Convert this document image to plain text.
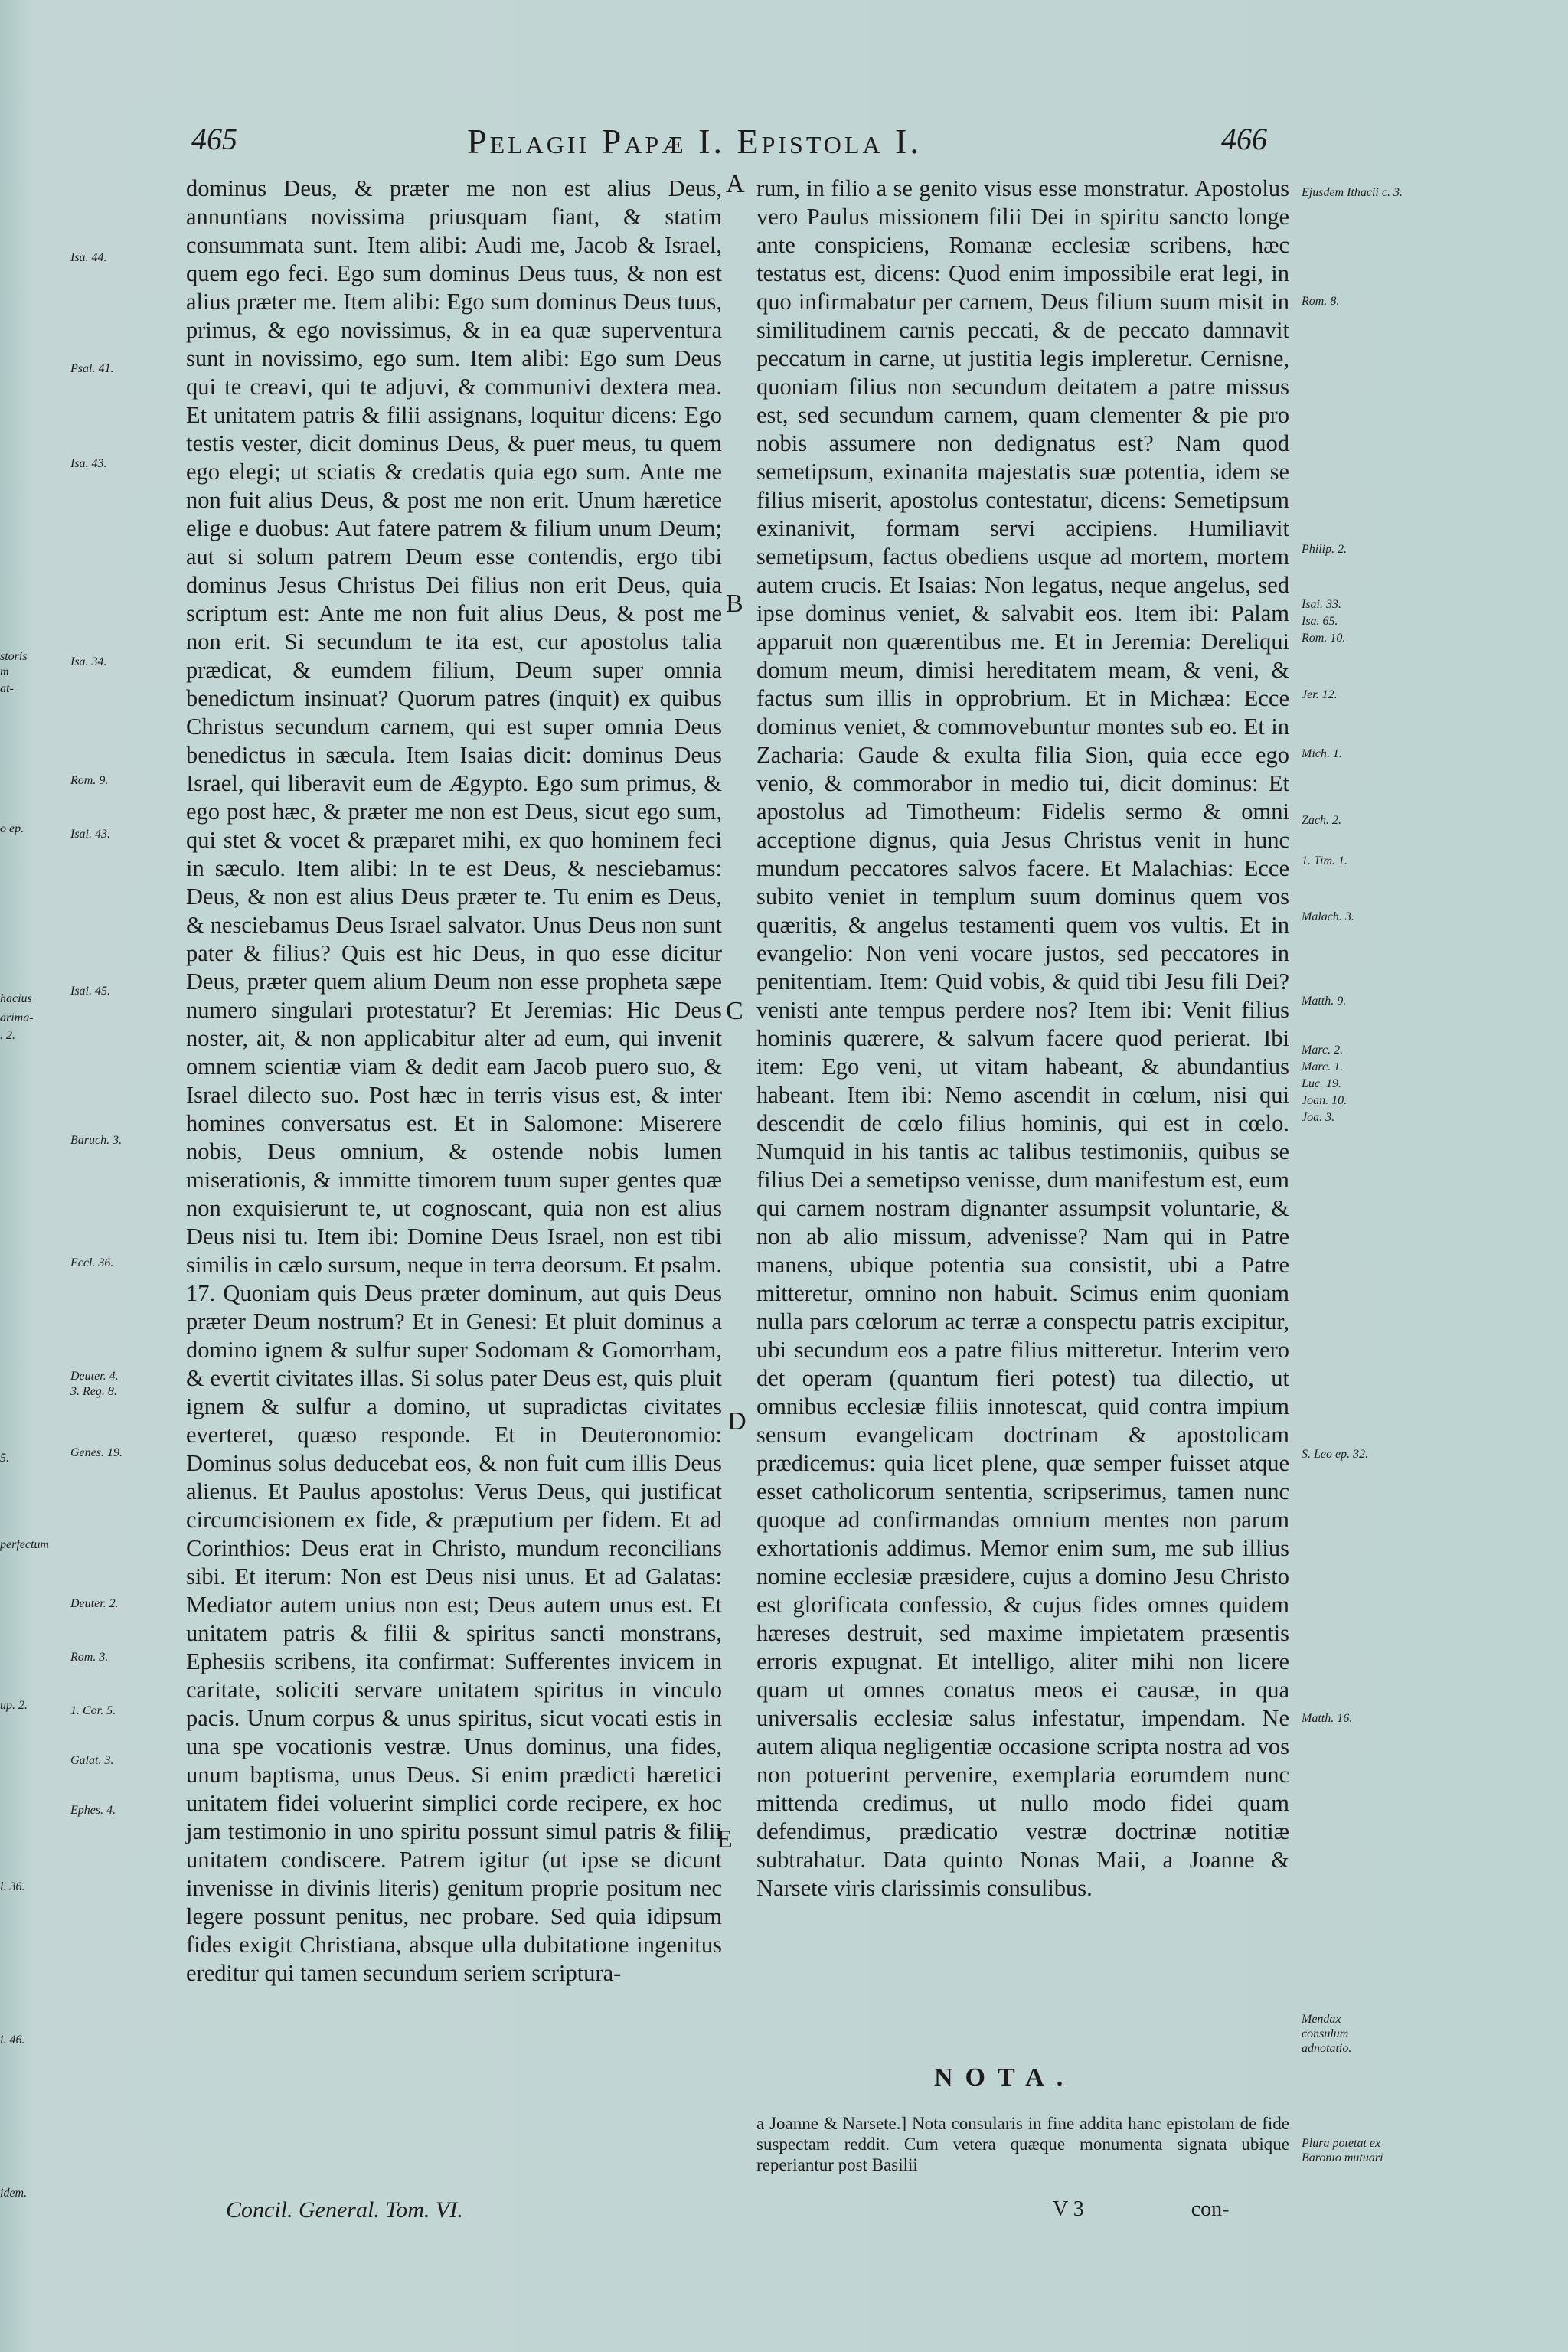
465	Pelagii Papæ I. Epistola I.	466

dominus Deus, & præter me non est alius Deus, annuntians novissima priusquam fiant, & statim consummata sunt. Item alibi: Audi me, Jacob & Israel, quem ego feci. Ego sum dominus Deus tuus, & non est alius præter me. Item alibi: Ego sum dominus Deus tuus, primus, & ego novissimus, & in ea quæ superventura sunt in novissimo, ego sum. Item alibi: Ego sum Deus qui te creavi, qui te adjuvi, & communivi dextera mea. Et unitatem patris & filii assignans, loquitur dicens: Ego testis vester, dicit dominus Deus, & puer meus, tu quem ego elegi; ut sciatis & credatis quia ego sum. Ante me non fuit alius Deus, & post me non erit. Unum hæretice elige e duobus: Aut fatere patrem & filium unum Deum; aut si solum patrem Deum esse contendis, ergo tibi dominus Jesus Christus Dei filius non erit Deus, quia scriptum est: Ante me non fuit alius Deus, & post me non erit. Si secundum te ita est, cur apostolus talia prædicat, & eumdem filium, Deum super omnia benedictum insinuat? Quorum patres (inquit) ex quibus Christus secundum carnem, qui est super omnia Deus benedictus in sæcula. Item Isaias dicit: dominus Deus Israel, qui liberavit eum de Ægypto. Ego sum primus, & ego post hæc, & præter me non est Deus, sicut ego sum, qui stet & vocet & præparet mihi, ex quo hominem feci in sæculo. Item alibi: In te est Deus, & nesciebamus: Deus, & non est alius Deus præter te. Tu enim es Deus, & nesciebamus Deus Israel salvator. Unus Deus non sunt pater & filius? Quis est hic Deus, in quo esse dicitur Deus, præter quem alium Deum non esse propheta sæpe numero singulari protestatur? Et Jeremias: Hic Deus noster, ait, & non applicabitur alter ad eum, qui invenit omnem scientiæ viam & dedit eam Jacob puero suo, & Israel dilecto suo. Post hæc in terris visus est, & inter homines conversatus est. Et in Salomone: Miserere nobis, Deus omnium, & ostende nobis lumen miserationis, & immitte timorem tuum super gentes quæ non exquisierunt te, ut cognoscant, quia non est alius Deus nisi tu. Item ibi: Domine Deus Israel, non est tibi similis in cælo sursum, neque in terra deorsum. Et psalm. 17. Quoniam quis Deus præter dominum, aut quis Deus præter Deum nostrum? Et in Genesi: Et pluit dominus a domino ignem & sulfur super Sodomam & Gomorrham, & evertit civitates illas. Si solus pater Deus est, quis pluit ignem & sulfur a domino, ut supradictas civitates everteret, quæso responde. Et in Deuteronomio: Dominus solus deducebat eos, & non fuit cum illis Deus alienus. Et Paulus apostolus: Verus Deus, qui justificat circumcisionem ex fide, & præputium per fidem. Et ad Corinthios: Deus erat in Christo, mundum reconcilians sibi. Et iterum: Non est Deus nisi unus. Et ad Galatas: Mediator autem unius non est; Deus autem unus est. Et unitatem patris & filii & spiritus sancti monstrans, Ephesiis scribens, ita confirmat: Sufferentes invicem in caritate, soliciti servare unitatem spiritus in vinculo pacis. Unum corpus & unus spiritus, sicut vocati estis in una spe vocationis vestræ. Unus dominus, una fides, unum baptisma, unus Deus. Si enim prædicti hæretici unitatem fidei voluerint simplici corde recipere, ex hoc jam testimonio in uno spiritu possunt simul patris & filii unitatem condiscere. Patrem igitur (ut ipse se dicunt invenisse in divinis literis) genitum proprie positum nec legere possunt penitus, nec probare. Sed quia idipsum fides exigit Christiana, absque ulla dubitatione ingenitus ereditur qui tamen secundum seriem scriptura-

A
B
C
D
E

rum, in filio a se genito visus esse monstratur. Apostolus vero Paulus missionem filii Dei in spiritu sancto longe ante conspiciens, Romanæ ecclesiæ scribens, hæc testatus est, dicens: Quod enim impossibile erat legi, in quo infirmabatur per carnem, Deus filium suum misit in similitudinem carnis peccati, & de peccato damnavit peccatum in carne, ut justitia legis impleretur. Cernisne, quoniam filius non secundum deitatem a patre missus est, sed secundum carnem, quam clementer & pie pro nobis assumere non dedignatus est? Nam quod semetipsum, exinanita majestatis suæ potentia, idem se filius miserit, apostolus contestatur, dicens: Semetipsum exinanivit, formam servi accipiens. Humiliavit semetipsum, factus obediens usque ad mortem, mortem autem crucis. Et Isaias: Non legatus, neque angelus, sed ipse dominus veniet, & salvabit eos. Item ibi: Palam apparuit non quærentibus me. Et in Jeremia: Dereliqui domum meum, dimisi hereditatem meam, & veni, & factus sum illis in opprobrium. Et in Michæa: Ecce dominus veniet, & commovebuntur montes sub eo. Et in Zacharia: Gaude & exulta filia Sion, quia ecce ego venio, & commorabor in medio tui, dicit dominus: Et apostolus ad Timotheum: Fidelis sermo & omni acceptione dignus, quia Jesus Christus venit in hunc mundum peccatores salvos facere. Et Malachias: Ecce subito veniet in templum suum dominus quem vos quæritis, & angelus testamenti quem vos vultis. Et in evangelio: Non veni vocare justos, sed peccatores in penitentiam. Item: Quid vobis, & quid tibi Jesu fili Dei? venisti ante tempus perdere nos? Item ibi: Venit filius hominis quærere, & salvum facere quod perierat. Ibi item: Ego veni, ut vitam habeant, & abundantius habeant. Item ibi: Nemo ascendit in cœlum, nisi qui descendit de cœlo filius hominis, qui est in cœlo. Numquid in his tantis ac talibus testimoniis, quibus se filius Dei a semetipso venisse, dum manifestum est, eum qui carnem nostram dignanter assumpsit voluntarie, & non ab alio missum, advenisse? Nam qui in Patre manens, ubique potentia sua consistit, ubi a Patre mitteretur, omnino non habuit. Scimus enim quoniam nulla pars cœlorum ac terræ a conspectu patris excipitur, ubi secundum eos a patre filius mitteretur. Interim vero det operam (quantum fieri potest) tua dilectio, ut omnibus ecclesiæ filiis innotescat, quid contra impium sensum evangelicam doctrinam & apostolicam prædicemus: quia licet plene, quæ semper fuisset atque esset catholicorum sententia, scripserimus, tamen nunc quoque ad confirmandas omnium mentes non parum exhortationis addimus. Memor enim sum, me sub illius nomine ecclesiæ præsidere, cujus a domino Jesu Christo est glorificata confessio, & cujus fides omnes quidem hæreses destruit, sed maxime impietatem præsentis erroris expugnat. Et intelligo, aliter mihi non licere quam ut omnes conatus meos ei causæ, in qua universalis ecclesiæ salus infestatur, impendam. Ne autem aliqua negligentiæ occasione scripta nostra ad vos non potuerint pervenire, exemplaria eorumdem nunc mittenda credimus, ut nullo modo fidei quam defendimus, prædicatio vestræ doctrinæ notitiæ subtrahatur. Data quinto Nonas Maii, a Joanne & Narsete viris clarissimis consulibus.

Isa. 44.
Psal. 41.
Isa. 43.
Isa. 34.
Rom. 9.
Isai. 43.
Isai. 45.
Baruch. 3.
Eccl. 36.
Deuter. 4.
3. Reg. 8.
Genes. 19.
Deuter. 2.
Rom. 3.
1. Cor. 5.
Galat. 3.
Ephes. 4.
storis
m
at-
o ep.
hacius
arima-
. 2.
5.
perfectum
up. 2.
l. 36.
i. 46.
idem.
Ejusdem Ithacii c. 3.
Rom. 8.
Philip. 2.
Isai. 33.
Isa. 65.
Rom. 10.
Jer. 12.
Mich. 1.
Zach. 2.
1. Tim. 1.
Malach. 3.
Matth. 9.
Marc. 2.
Marc. 1.
Luc. 19.
Joan. 10.
Joa. 3.
S. Leo ep. 32.
Matth. 16.
Mendax consulum adnotatio.
Plura potetat ex Baronio mutuari
NOTA.
a Joanne & Narsete.] Nota consularis in fine addita hanc epistolam de fide suspectam reddit. Cum vetera quæque monumenta signata ubique reperiantur post Basilii
Concil. General. Tom. VI.	V 3	con-
